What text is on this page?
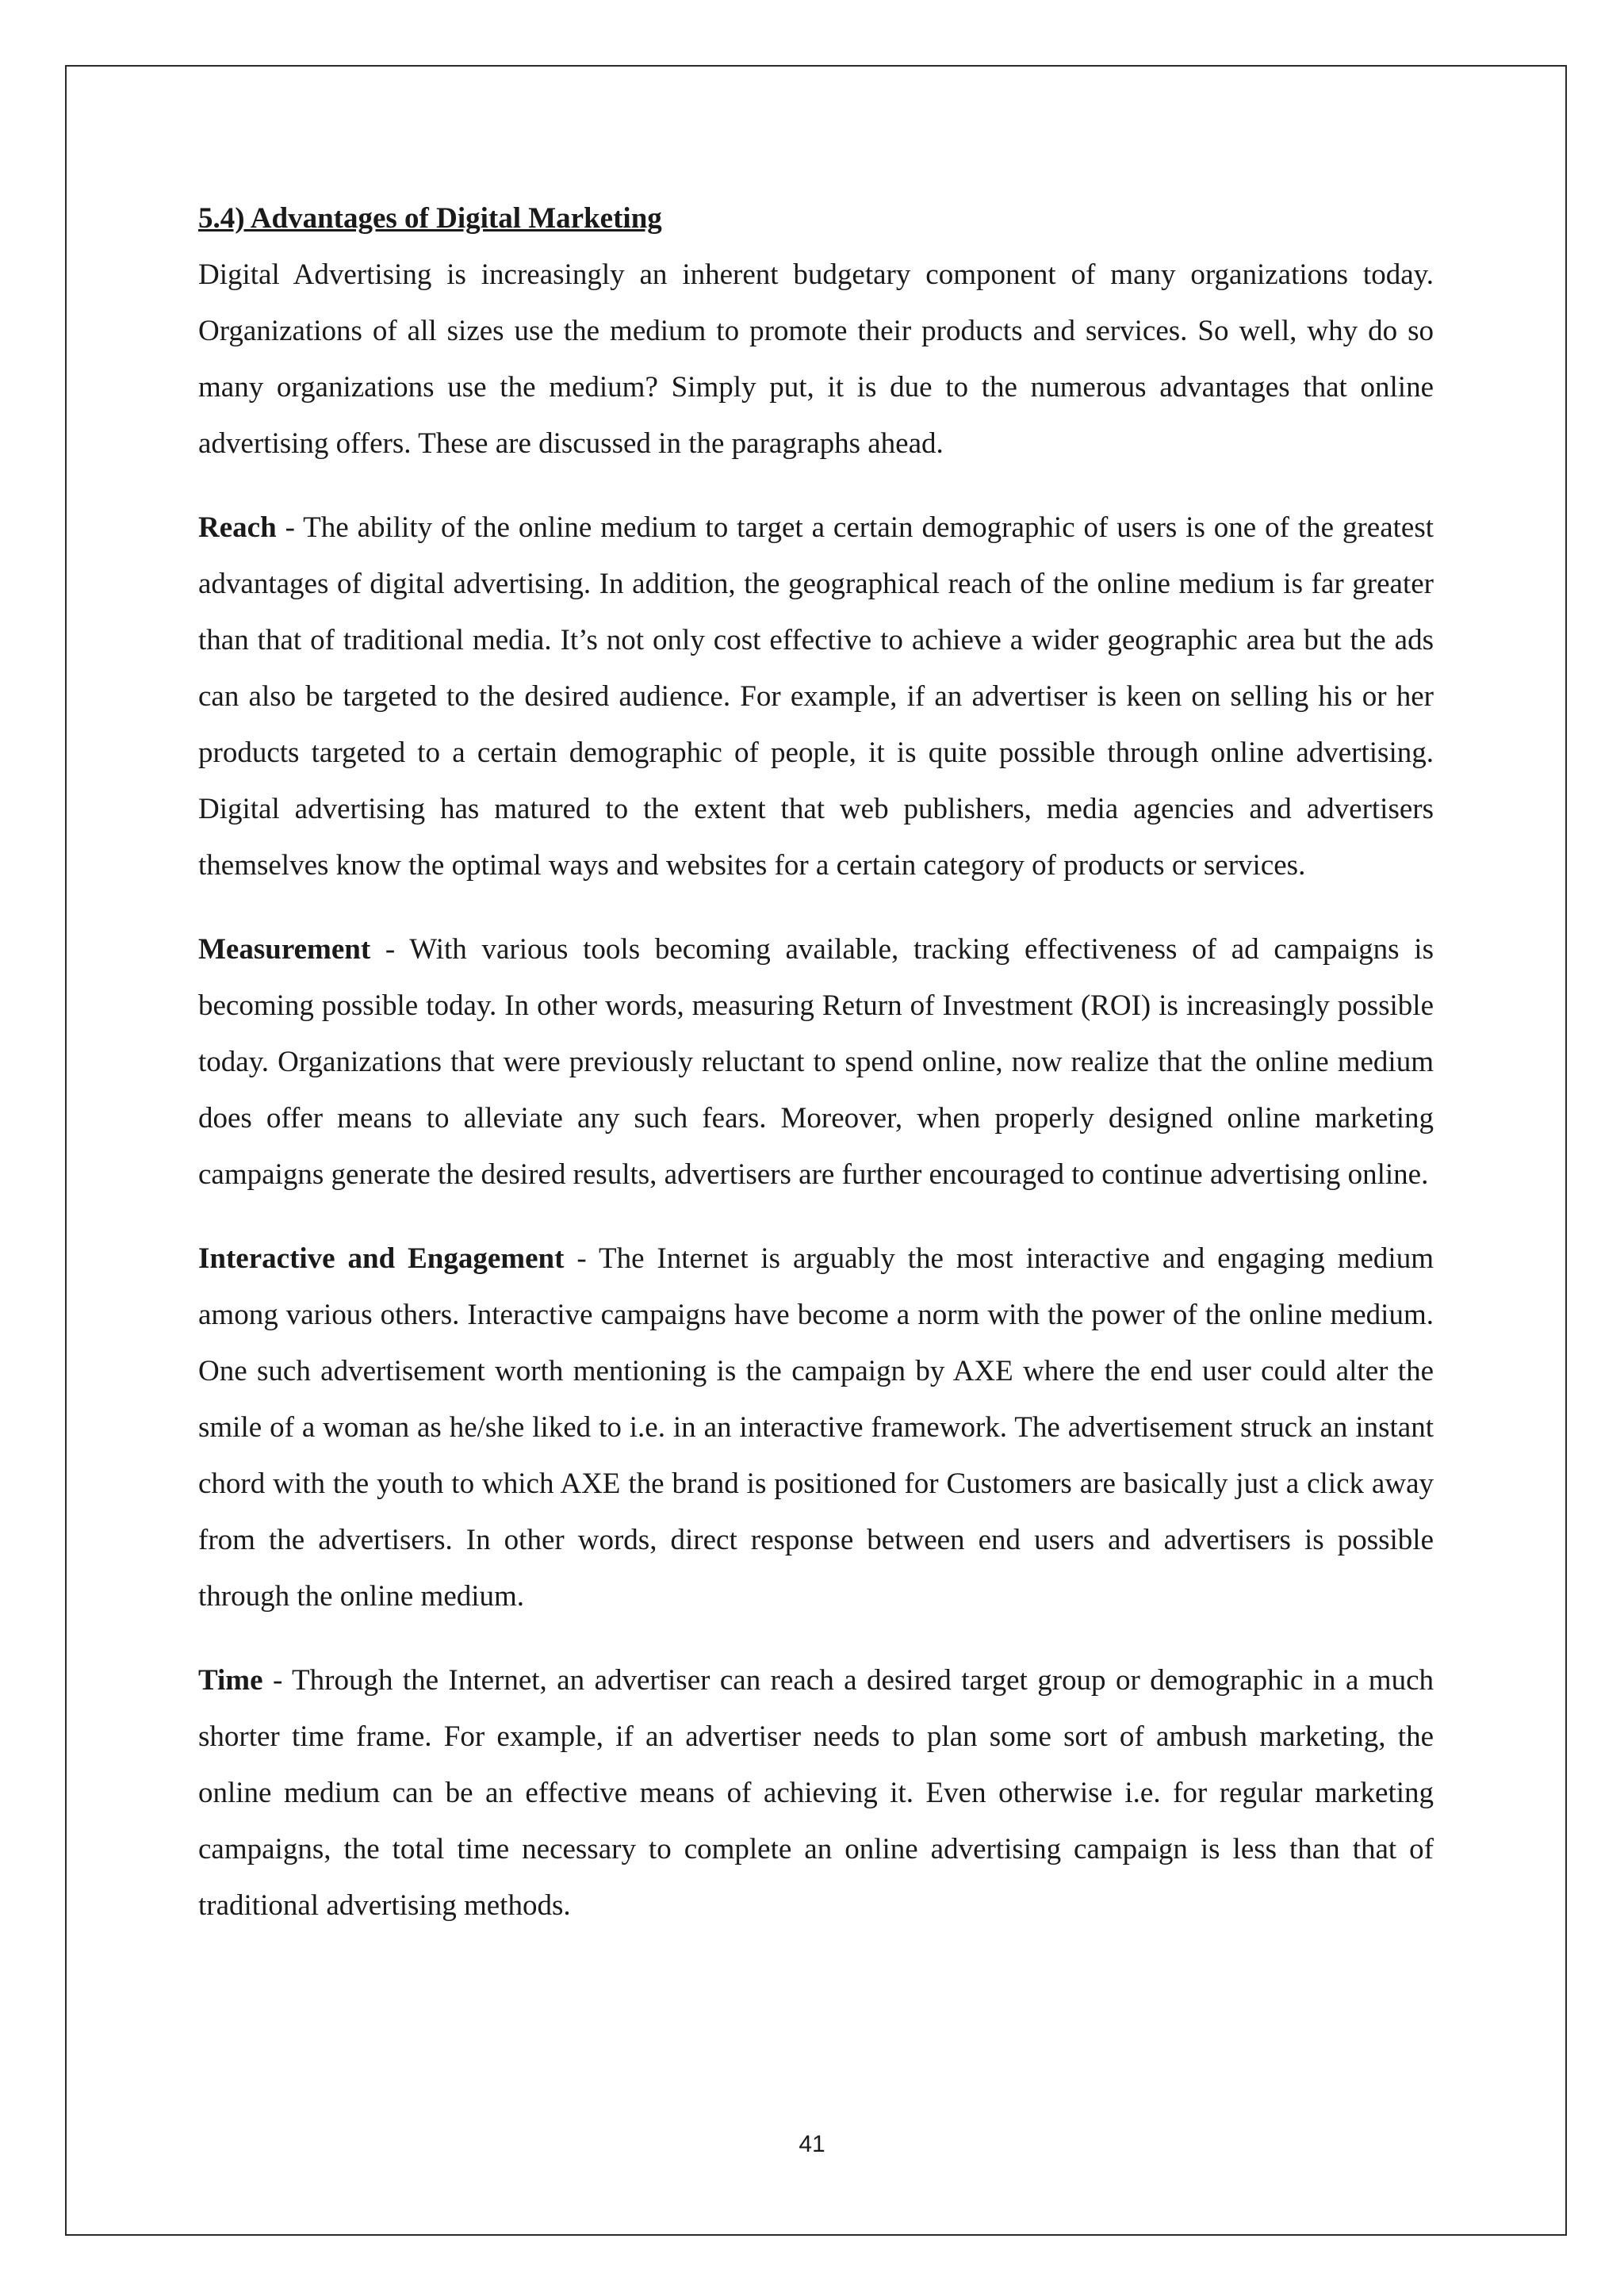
5.4) Advantages of Digital Marketing

Digital Advertising is increasingly an inherent budgetary component of many organizations today. Organizations of all sizes use the medium to promote their products and services. So well, why do so many organizations use the medium? Simply put, it is due to the numerous advantages that online advertising offers. These are discussed in the paragraphs ahead.

Reach - The ability of the online medium to target a certain demographic of users is one of the greatest advantages of digital advertising. In addition, the geographical reach of the online medium is far greater than that of traditional media. It’s not only cost effective to achieve a wider geographic area but the ads can also be targeted to the desired audience. For example, if an advertiser is keen on selling his or her products targeted to a certain demographic of people, it is quite possible through online advertising. Digital advertising has matured to the extent that web publishers, media agencies and advertisers themselves know the optimal ways and websites for a certain category of products or services.

Measurement - With various tools becoming available, tracking effectiveness of ad campaigns is becoming possible today. In other words, measuring Return of Investment (ROI) is increasingly possible today. Organizations that were previously reluctant to spend online, now realize that the online medium does offer means to alleviate any such fears. Moreover, when properly designed online marketing campaigns generate the desired results, advertisers are further encouraged to continue advertising online.

Interactive and Engagement - The Internet is arguably the most interactive and engaging medium among various others. Interactive campaigns have become a norm with the power of the online medium. One such advertisement worth mentioning is the campaign by AXE where the end user could alter the smile of a woman as he/she liked to i.e. in an interactive framework. The advertisement struck an instant chord with the youth to which AXE the brand is positioned for Customers are basically just a click away from the advertisers. In other words, direct response between end users and advertisers is possible through the online medium.

Time - Through the Internet, an advertiser can reach a desired target group or demographic in a much shorter time frame. For example, if an advertiser needs to plan some sort of ambush marketing, the online medium can be an effective means of achieving it. Even otherwise i.e. for regular marketing campaigns, the total time necessary to complete an online advertising campaign is less than that of traditional advertising methods.

41
